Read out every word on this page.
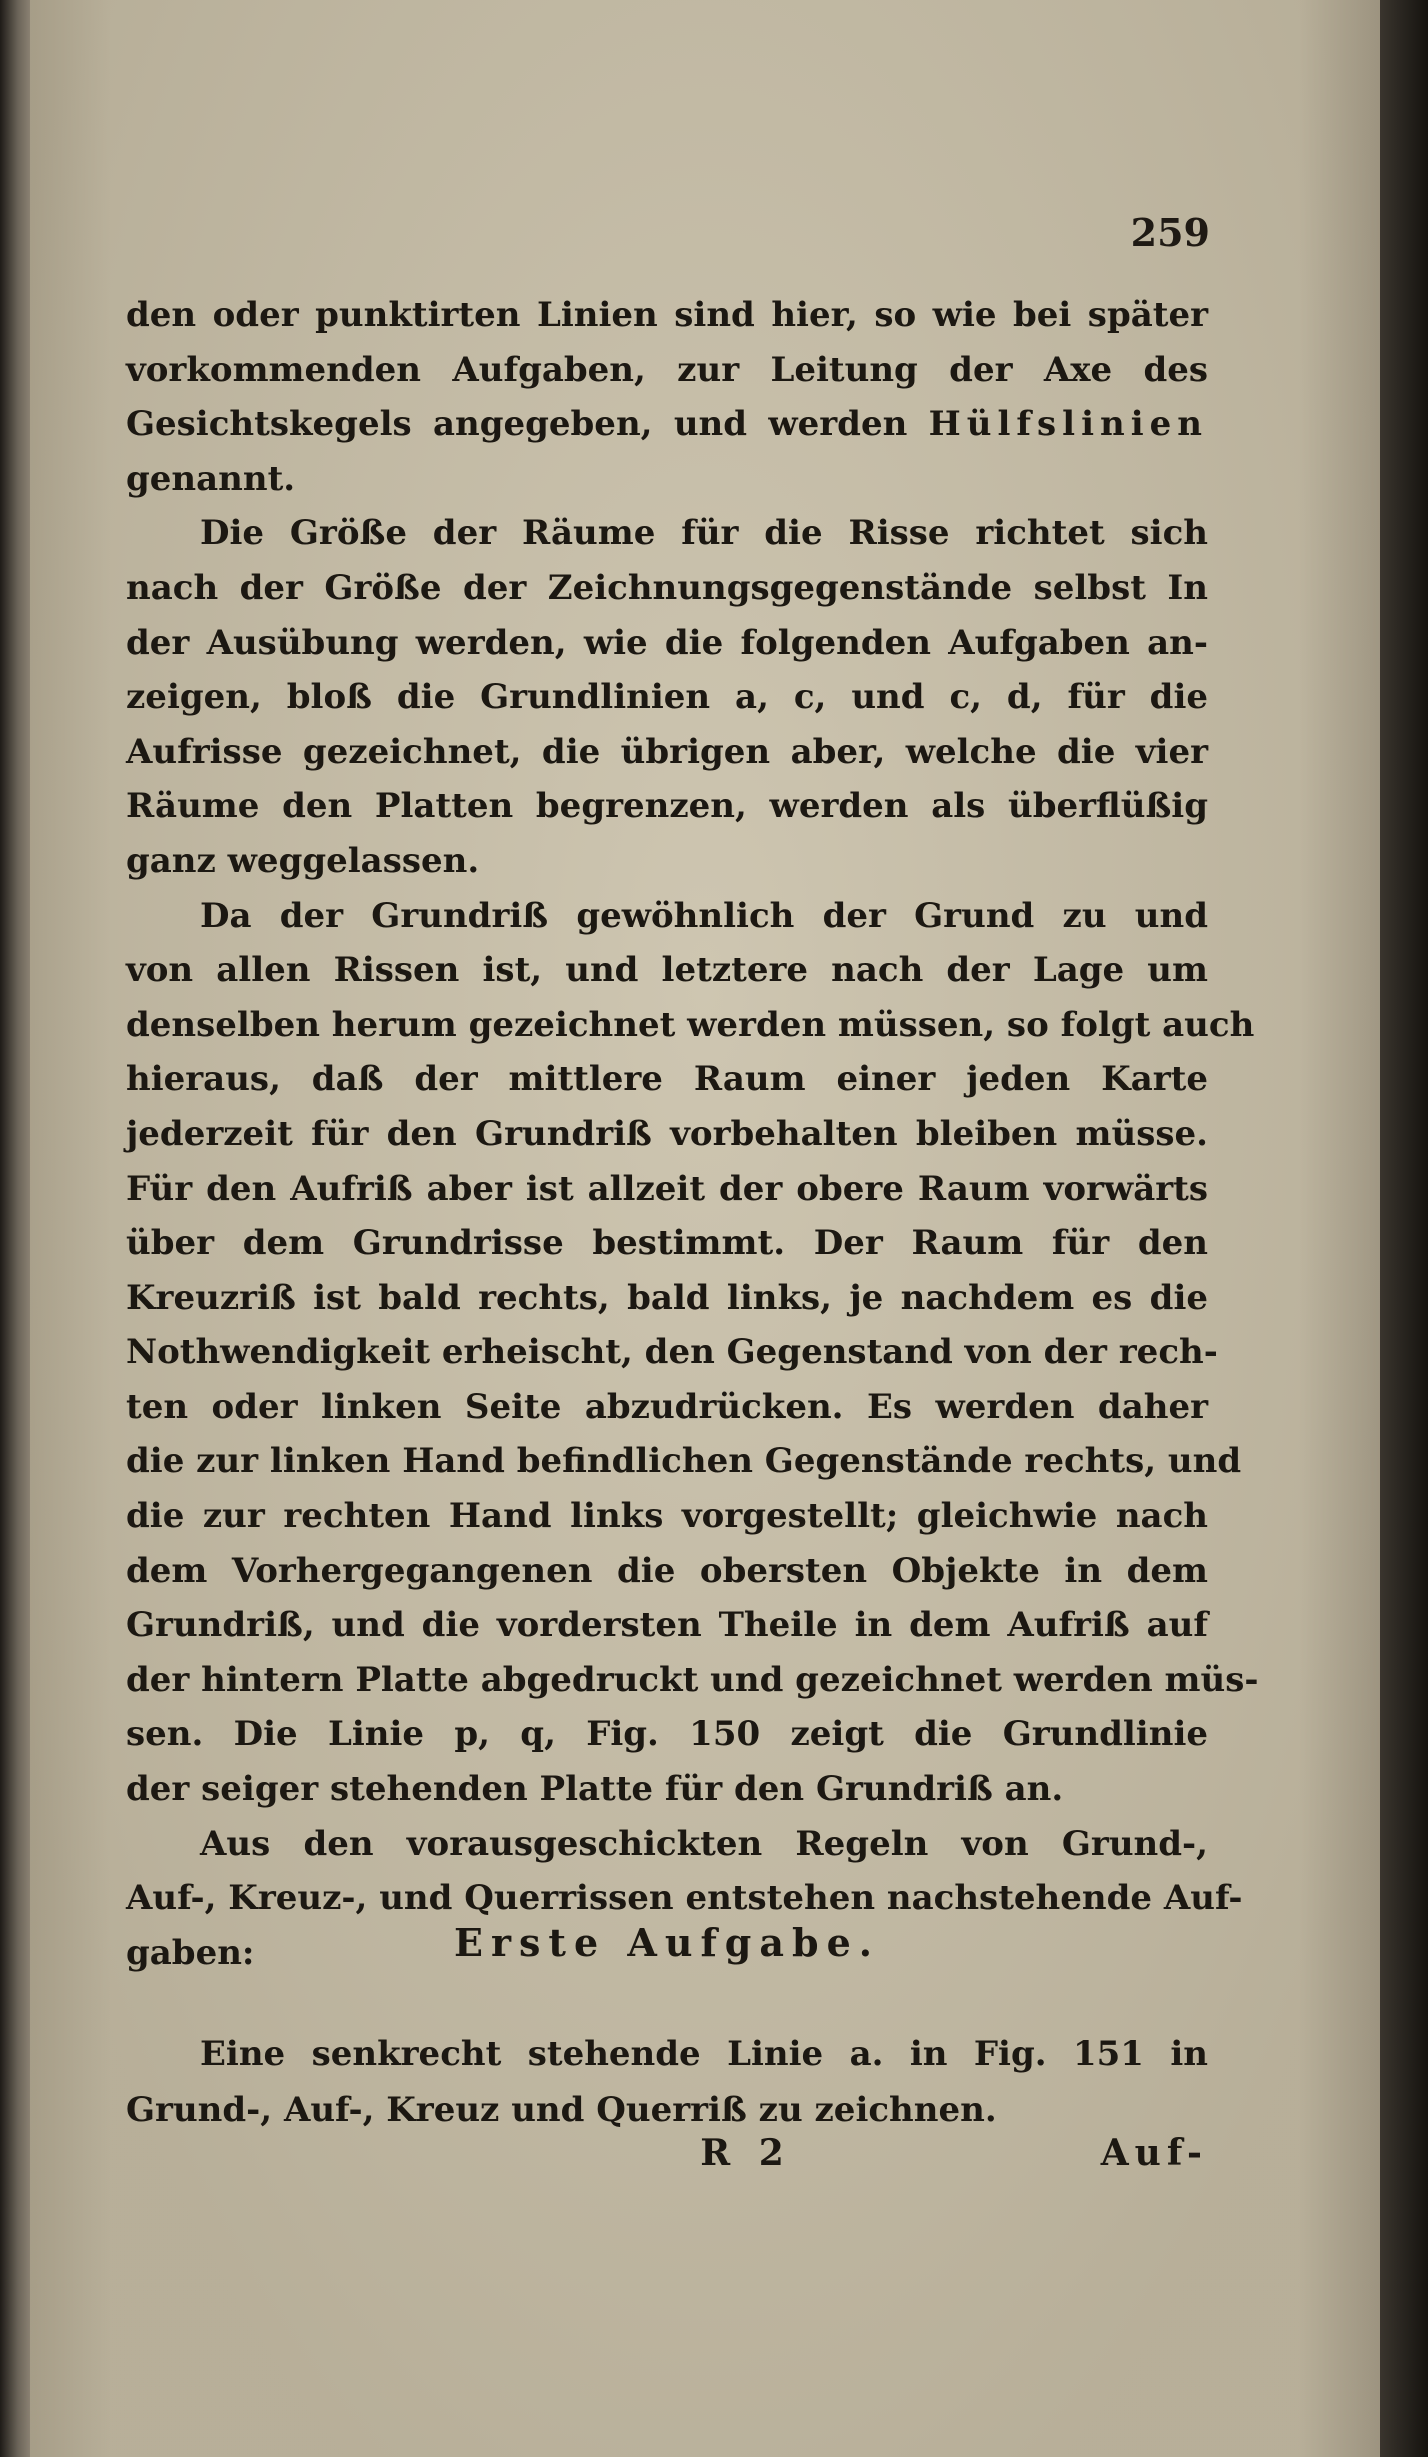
259
den oder punktirten Linien sind hier, so wie bei später
vorkommenden Aufgaben, zur Leitung der Axe des
Gesichtskegels angegeben, und werden Hülfslinien
genannt.
Die Größe der Räume für die Risse richtet sich
nach der Größe der Zeichnungsgegenstände selbst In
der Ausübung werden, wie die folgenden Aufgaben an-
zeigen, bloß die Grundlinien a, c, und c, d, für die
Aufrisse gezeichnet, die übrigen aber, welche die vier
Räume den Platten begrenzen, werden als überflüßig
ganz weggelassen.
Da der Grundriß gewöhnlich der Grund zu und
von allen Rissen ist, und letztere nach der Lage um
denselben herum gezeichnet werden müssen, so folgt auch
hieraus, daß der mittlere Raum einer jeden Karte
jederzeit für den Grundriß vorbehalten bleiben müsse.
Für den Aufriß aber ist allzeit der obere Raum vorwärts
über dem Grundrisse bestimmt. Der Raum für den
Kreuzriß ist bald rechts, bald links, je nachdem es die
Nothwendigkeit erheischt, den Gegenstand von der rech-
ten oder linken Seite abzudrücken. Es werden daher
die zur linken Hand befindlichen Gegenstände rechts, und
die zur rechten Hand links vorgestellt; gleichwie nach
dem Vorhergegangenen die obersten Objekte in dem
Grundriß, und die vordersten Theile in dem Aufriß auf
der hintern Platte abgedruckt und gezeichnet werden müs-
sen. Die Linie p, q, Fig. 150 zeigt die Grundlinie
der seiger stehenden Platte für den Grundriß an.
Aus den vorausgeschickten Regeln von Grund-,
Auf-, Kreuz-, und Querrissen entstehen nachstehende Auf-
gaben:	Erste Aufgabe.
Eine senkrecht stehende Linie a. in Fig. 151 in
Grund-, Auf-, Kreuz und Querriß zu zeichnen.
R 2	Auf-
